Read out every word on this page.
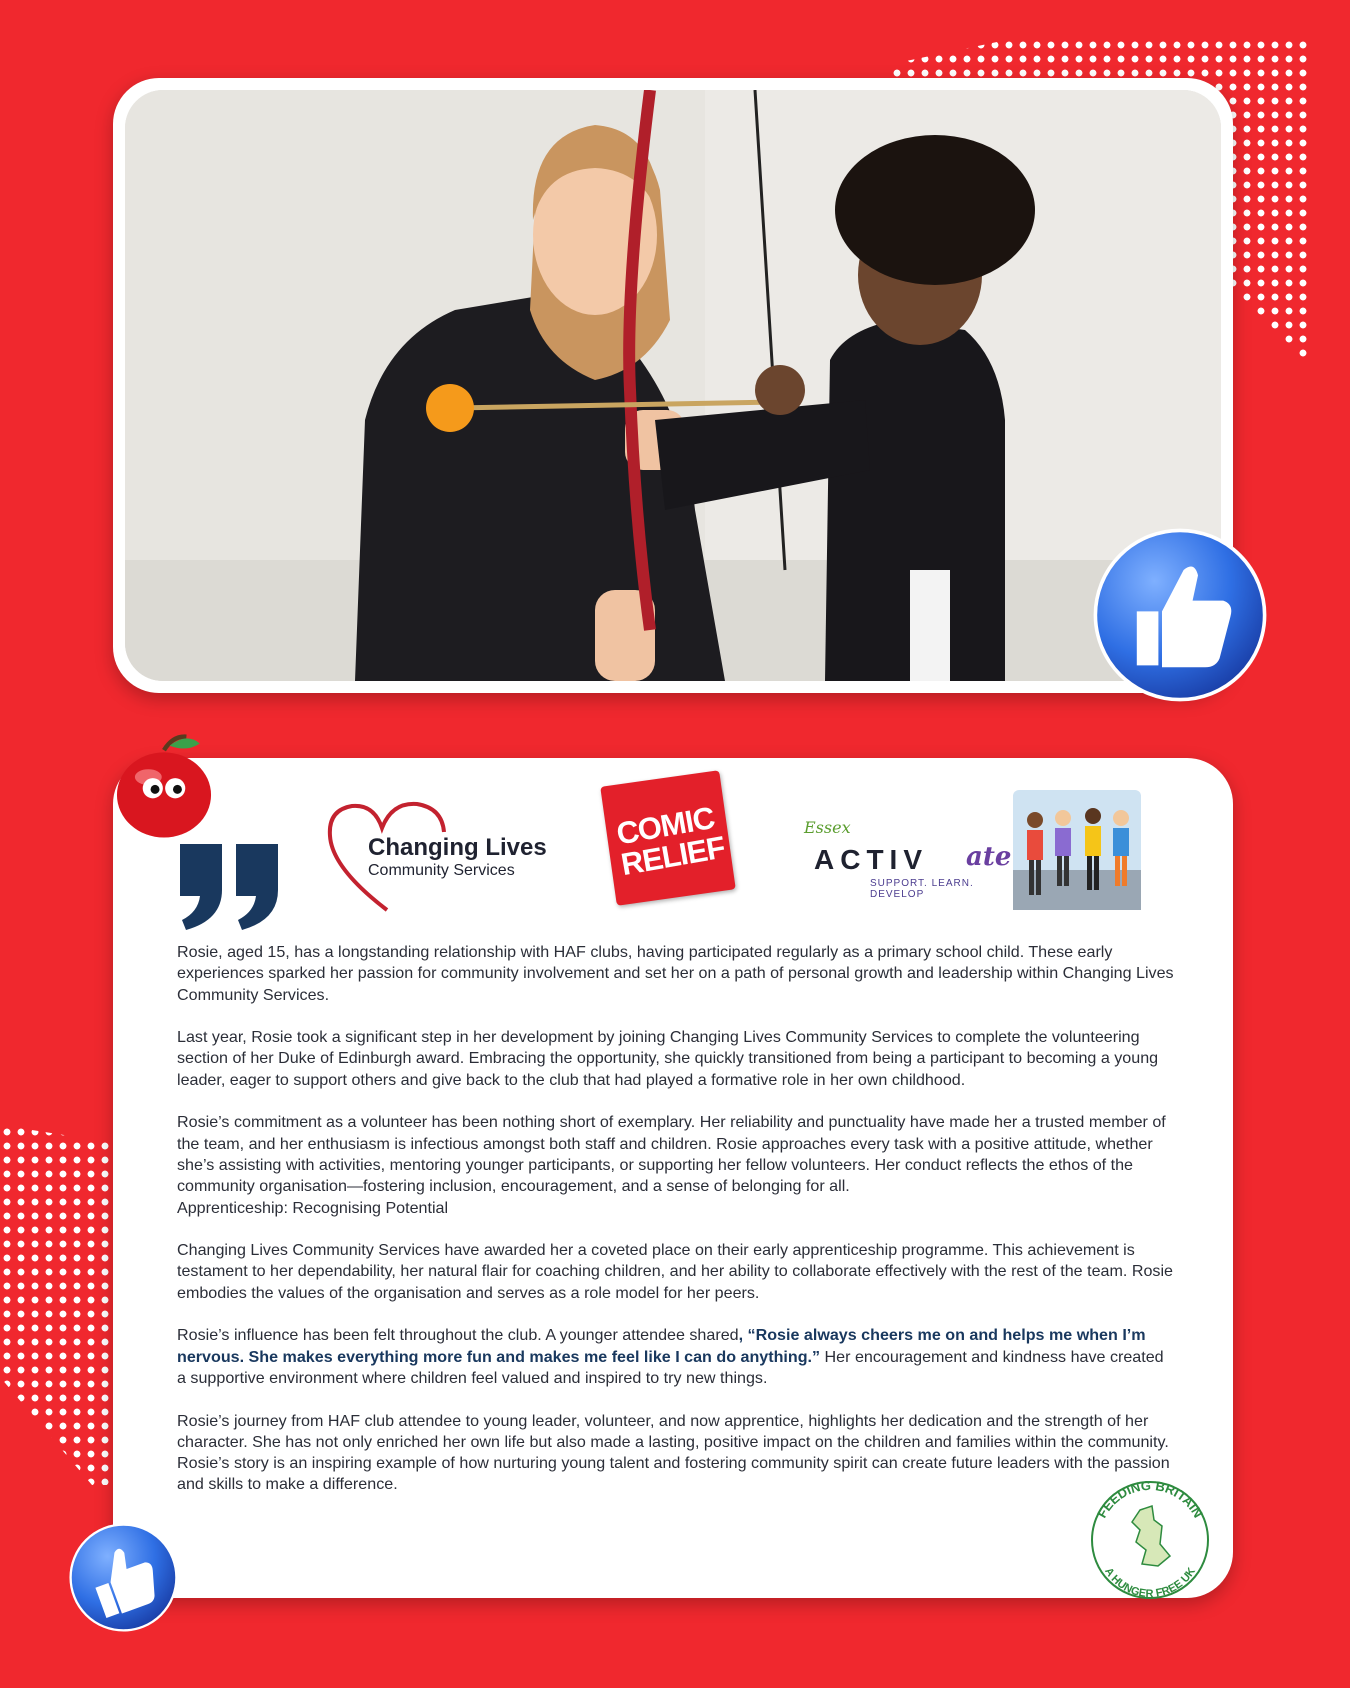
Changing Lives
Community Services
COMIC RELIEF
Essex
ACTIV ate
SUPPORT. LEARN. DEVELOP

Rosie, aged 15, has a longstanding relationship with HAF clubs, having participated regularly as a primary school child. These early experiences sparked her passion for community involvement and set her on a path of personal growth and leadership within Changing Lives Community Services.

Last year, Rosie took a significant step in her development by joining Changing Lives Community Services to complete the volunteering section of her Duke of Edinburgh award. Embracing the opportunity, she quickly transitioned from being a participant to becoming a young leader, eager to support others and give back to the club that had played a formative role in her own childhood.

Rosie’s commitment as a volunteer has been nothing short of exemplary. Her reliability and punctuality have made her a trusted member of the team, and her enthusiasm is infectious amongst both staff and children. Rosie approaches every task with a positive attitude, whether she’s assisting with activities, mentoring younger participants, or supporting her fellow volunteers. Her conduct reflects the ethos of the community organisation—fostering inclusion, encouragement, and a sense of belonging for all.

Apprenticeship: Recognising Potential

Changing Lives Community Services have awarded her a coveted place on their early apprenticeship programme. This achievement is testament to her dependability, her natural flair for coaching children, and her ability to collaborate effectively with the rest of the team. Rosie embodies the values of the organisation and serves as a role model for her peers.

Rosie’s influence has been felt throughout the club. A younger attendee shared, “Rosie always cheers me on and helps me when I’m nervous. She makes everything more fun and makes me feel like I can do anything.” Her encouragement and kindness have created a supportive environment where children feel valued and inspired to try new things.

Rosie’s journey from HAF club attendee to young leader, volunteer, and now apprentice, highlights her dedication and the strength of her character. She has not only enriched her own life but also made a lasting, positive impact on the children and families within the community. Rosie’s story is an inspiring example of how nurturing young talent and fostering community spirit can create future leaders with the passion and skills to make a difference.

FEEDING BRITAIN
A HUNGER FREE UK
